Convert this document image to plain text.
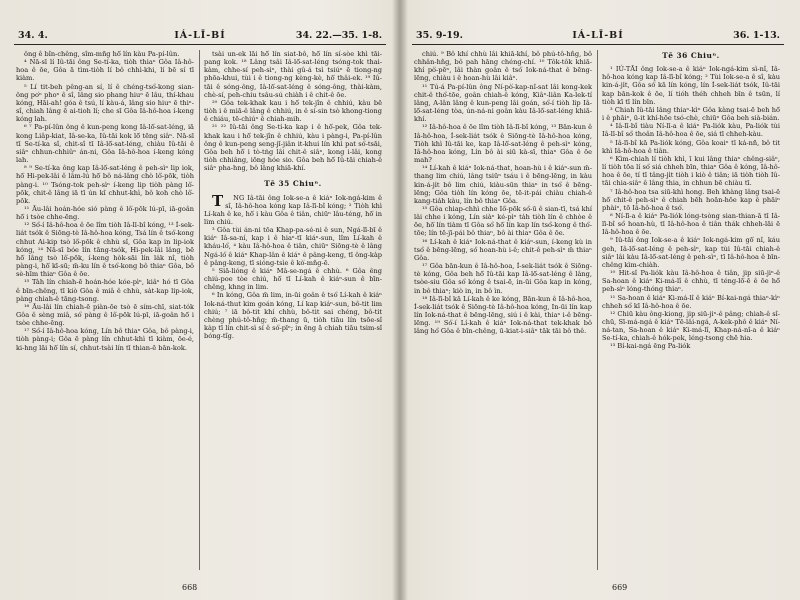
34. 4.	IÁ-LĪ-BÍ	34. 22.—35. 1-8.

ông ê bîn-chêng, sîm-mñg hō͘ lín kàu Pa-pí-lûn.

⁴ Nā-sī lí Iû-tāi ông Se-tí-ka, tiòh thiaⁿ Gôa Iâ-hô-hoa ê ōe, Gôa ā tìm-tiòh lí bô chhì-khi, lí bē sí tī kiàm.

⁵ Lí tit-beh pêng-an sí, lí ê chéng-tsó͘-kong sian-ông po͘ⁿ phoⁿ ê sî, lâng sio phang hiuⁿ ē lâu, thí-khau kóng, Hāi-ah! góa ê tsú, lí kàu-á, lâng sio hiuⁿ ē thiⁿ-sî, chiah lâng ē ai-tioh lí; che sī Gôa Iâ-hô-hoa í-keng kóng lah.

⁶ ⁷ Pa-pí-lûn ông ê kun-peng kong Iâ-lō͘-sat-léng, iā kong Liâp-kiat, Iâ-se-ka, Iû-tāi kok lō͘ tēng siâⁿ. Nā-sī tī Se-tí-ka sî, chit-sî tī Iâ-lō͘-sat-léng, chiàu Iû-tāi ê siâⁿ chhun-chhiûⁿ án-ni, Gôa Iâ-hô-hoa í-keng kóng lah.

⁸ ⁹ Se-tí-ka ông kap Iâ-lō͘-sat-léng ê peh-sìⁿ lip iok, hō͘ Hi-pek-lâi ê lâm-lú hō͘ bô ná-lâng chò lô͘-pōk, tiòh pàng-i. ¹⁰ Tsóng-tok peh-sìⁿ í-keng lip tiòh pàng lô͘-pōk, chit-ê lâng iā tī ún kî chhut-khì, bô koh chò lô͘-pōk.

¹¹ Āu-lâi hoán-hóe sió pàng ê lô͘-pōk lú-pī, iā-goân hō͘ i tsòe chhe-ēng.

¹² Só͘-í Iâ-hô-hoa ê ōe lîm tiòh Iâ-lī-bî kóng, ¹³ Í-sek-liát tsók ê Siōng-tè Iâ-hô-hoa kóng, Tsá lín ê tsó͘-kong chhut Ai-kip tsò lô͘-pōk ê chhù sî, Gôa kap in lip-iok kóng, ¹⁴ Nā-sī bóe lín tāng-tsók, Hi-pek-lâi lâng, bē hō͘ lâng tsò lô͘-pōk, í-keng hòk-sāi lín la̍k nî, tiòh pàng-i, hō͘ kī-sū; m̄-ku lín ê tsó͘-kong bô thiaⁿ Gôa, bô sè-hīm thiaⁿ Gôa ê ōe.

¹⁵ Ta̍h lín chiah-ē hoán-hóe kóe-pìⁿ, kiâⁿ hó tī Gôa ê bīn-chêng, tī kiò Gôa ê miâ ê chhù, sa̍t-kap lip-iok, pàng chiah-ê tāng-tsong.

¹⁶ Āu-lâi lín chiah-ē piàn-ōe tsò ē sím-chī, siat-tók Gôa ê sèng miâ, só͘ pàng ê lô͘-pōk lú-pī, iā-goân hō͘ i tsòe chhe-ēng.

¹⁷ Só͘-í Iâ-hô-hoa kóng, Lín bô thiaⁿ Gôa, bô pàng-i, tiòh pàng-i; Gôa ē pàng lín chhut-khì tī kiàm, ōe-é, ki-hng lāi hō͘ lín sí, chhut-tsài lín tī thian-ē bān-kok.

tsài un-ek lāi hō͘ lín siat-bô, hō͘ lín sí-sòe khì tāi-pang kok. ¹⁸ Lâng tsâi Iâ-lō͘-sat-léng tsóng-tok thai-kàm, chhe-sí peh-sìⁿ, thài gû-á tsì tsiúⁿ ē tiong-ng phōa-khui, tùi i ê tiong-ng kèng-kè, hō͘ thâi-ek. ¹⁹ Iû-tāi ê sóng-ông, Iâ-lō͘-sat-léng ê sóng-ông, thài-kàm, chè-sí, peh-chiu tsâu-sú chiàh i ê chit-ê ōe.

²⁰ Gôa tek-khak kau i hō͘ tek-jîn ê chhiú, kàu bē tiòh i ê miā-ê lâng ê chhiú, in ê sí-sin tsò khong-tiong ê chiáu, tē-chiúⁿ ê chiah-mih.

²¹ ²² Iû-tāi ông Se-tí-ka kap i ê hō͘-pek, Gôa tek-khak kau i hō͘ tek-jîn ê chhiú, kàu i pàng-i, Pa-pí-lûn ông ê kun-peng seng-jī-jiân it-khui lín khì pat só͘-tsāi, Gôa beh hō͘ i tò-tńg lâi chit-ê siâⁿ, kong i-lâi, kong tiòh chhiâng, iōng hóe sio. Gôa beh hō͘ Iû-tāi chiah-ê siâⁿ pha-hng, bô lâng khiā-khí.

Tē 35 Chiuⁿ.

T NG Iâ-tāi ông Iok-se-a ê kiáⁿ Iok-ngá-kim ê sî, Iâ-hô-hoa kóng kap Iâ-lī-bî kóng; ² Tiòh khì Lí-kah ê ke, hō͘ i kàu Gôa ê tiân, chiūⁿ lâu-téng, hō͘ in lim chiú.

³ Gôa tùi án-ni tōa Khap-pa-sé-ni ê sun, Ngá-lī-bī ê kiáⁿ Iâ-sa-ní, kap i ê hiaⁿ-tī kiáⁿ-sun, lîm Lí-kah ê kháu-ló͘, ⁴ kàu Iâ-hô-hoa ê tiân, chiūⁿ Siōng-tè ê lâng Ngá-ló͘ ê kiáⁿ Khap-lân ê kiáⁿ ê pâng-keng, tī ông-ka̍p ê pâng-keng, tī sióng-tsìe ê kò͘-mn̂g-ē.

⁵ Siā-lióng ê kiáⁿ Mâ-se-ngá ê chhù. ⁶ Gôa êng chiú-poe tòe chiú, hō͘ tī Lí-kah ê kiáⁿ-sun ê bīn-chêng, khng in lim.

⁶ In kóng, Gôa m̄ lim, in-ūi goân ê tsó͘ Lí-kah ê kiáⁿ Iok-ná-thut kim goán kóng, Lí kap kiáⁿ-sun, bô-tit lim chiú; ⁷ iā bô-tit khí chhù, bô-tit sai chéng, bô-tit chèng phú-tô-hn̂g; m̄-thang ū, tiòh tiāu lín tsōe-sî ka̍p tī lín chit-sì sí ê só͘-pīⁿ; in ēng ā chiah tiāu tsim-sî bóng-tîg.

668
35. 9-19.	IÁ-LĪ-BÍ	36. 1-13.

chiú. ⁹ Bô khí chhù lâi khiā-khí, bô phú-tô-hn̂g, bô chhân-hn̂g, bô pah hāng chéng-chí. ¹⁰ Tôk-tôk khiā-khí pò͘-pēⁿ, lâi thàn goân ê tsó͘ Iok-ná-that ê bēng-lēng, chiàu i ê hoan-hù lâi kiâⁿ.

¹¹ Tú-á Pa-pí-lûn ông Ní-pò͘-kap-nî-sat lâi kong-kek chit-ê thó͘-tōe, goân chiah-ê kóng, Kiâⁿ-liân Ka-lek-tí lâng, A-lân lâng ê kun-peng lâi goán, só͘-í tiòh lip Iâ-lō͘-sat-léng tòa, ún-ná-ni goân kàu Iâ-lō͘-sat-léng khiā-khí.

¹² Iâ-hô-hoa ê ōe lîm tiòh Iâ-lī-bî kóng, ¹³ Bān-kun ê Iâ-hô-hoa, Í-sek-liát tsók ê Siōng-tè Iâ-hô-hoa kóng, Tiòh khì Iû-tāi ke, kap Iâ-lō͘-sat-léng ê peh-sìⁿ kóng, Iâ-hô-hoa kóng, Lín bô ài siū kà-sī, thiaⁿ Gôa ê ōe mah?

¹⁴ Lí-kah ê kiáⁿ Iok-ná-that, hoan-hù i ê kiáⁿ-sun m̄-thang lim chiú, lâng tsiūⁿ tsáu i ê bēng-lēng, in kàu kin-á-ji̍t bô lim chiú, kiàu-sūn thiaⁿ in tsó͘ ê bēng-lēng; Gôa tio̍h lín kóng ōe, tē-it-pái chiàu chiah-ê kang-tia̍h kàu, lín bô thiaⁿ Gôa.

¹⁵ Gôa chiap-chhì chhe Iô͘-pōk só͘-ū ê sian-tī, tsá khí lâi chhe i kóng, Lín siàⁿ ké-pìⁿ ta̍h tiòh lín ê chhòe ê ōe, hō͘ lín tiàm tī Gôa só͘ hō͘ lín kap lín tsó͘-kong ê thó͘-tōe; lín tē-jī-pái bô thiaⁿ, bô ài thiaⁿ Gôa ê ōe.

¹⁶ Lí-kah ê kiáⁿ Iok-ná-that ê kiáⁿ-sun, í-keng kù in tsó͘ ê bēng-lēng, só͘ hoan-hù i-ê; chit-ê peh-sìⁿ m̄ thiaⁿ Gôa.

¹⁷ Gôa bān-kun ê Iâ-hô-hoa, Í-sek-liát tsók ê Siōng-tè kóng, Gôa beh hō͘ Iû-tāi kap Iâ-lō͘-sat-léng ê lâng, tsòe-siu Gôa só͘ kóng ê tsai-ē, in-ūi Gôa kap in kóng, in bô thiaⁿ; kiò in, in bô ìn.

¹⁸ Iâ-lī-bî kā Lí-kah ê ke kóng, Bān-kun ê Iâ-hô-hoa, Í-sek-liát tsók ê Siōng-tè Iâ-hô-hoa kóng, In-ūi lín kap lín Iok-ná-that ê bēng-lēng, siú i ê kài, thiaⁿ i-ê bēng-lēng. ¹⁹ Só͘-í Lí-kah ê kiáⁿ Iok-ná-that tek-khak bô lâng hó͘ Gôa ê bīn-chêng, ū-kiat-i-siâⁿ tāk tāi bô thê.

Tē 36 Chiuⁿ.

¹ IÚ-TĀI ông Iok-se-a ê kiáⁿ Iok-ngá-kim sì-nî, Iâ-hô-hoa kóng kap Iâ-lī-bî kóng; ² Tùi Iok-se-a ê sî, kàu kin-á-ji̍t, Gôa só͘ kā lín kóng, lín Í-sek-liát tsók, Iû-tāi kap bān-kok ê ōe, lí tióh théh chheh bīn ê tsūn, lí tiòh kī tī lín bīn.

³ Chiah Iû-tāi lâng thiaⁿ-kìⁿ Gôa kàng tsai-ē beh hō͘ i ê phāiⁿ, ū-it khí-hōe tsó-chè, chiūⁿ Gôa beh sià-bián.

⁴ Iâ-lī-bî tiàu Ní-lī-a ê kiáⁿ Pa-liók kàu, Pa-liók tùi Iâ-lī-bî só͘ thoân Iâ-hô-hoa ê ōe, siá tī chheh-kàu.

⁵ Iâ-lī-bî kā Pa-liók kóng, Gôa koaiⁿ tī ka̍-nñ, bô tit khì Iâ-hô-hoa ê tiân.

⁶ Kìm-chiah lí tiòh khì, ī kui lâng thiaⁿ chêng-siâⁿ, lí tiòh tōa lí só͘ siá chheh bīn, thiaⁿ Gôa ê kóng, Iâ-hô-hoa ê ōe, tí tī tâng-ji̍t tiòh i kiò ê tiân; iā tiòh tiòh Iû-tāi chia-siâⁿ ê lâng thia, in chhun bē chiàu tī.

⁷ Iâ-hô-hoa tsa siū-khì hong. Beh khàng lâng tsai-ē hō͘ chit-ê peh-sìⁿ ê chiah bēh hoān-hōe kap ê phāiⁿ phàiⁿ, tō Iâ-hô-hoa ê tsó͘.

⁸ Ní-lī-a ê kiáⁿ Pa-liók lóng-tsòng sian-thian-ā tī Iâ-lī-bî só͘ hoan-hù, tī Iâ-hô-hoa ê tiân thák chheh-lāi ē Iâ-hô-hoa ê ōe.

⁹ Iû-tāi ông Iok-se-a ê kiáⁿ Iok-ngá-kim gō͘ nî, káu geh, Iâ-lō͘-sat-léng ê peh-sìⁿ, kap tùi Iû-tāi chiah-ê siâⁿ lâi kàu Iâ-lō͘-sat-léng ê peh-sìⁿ, tī Iâ-hô-hoa ê bīn-chêng kìm-chiàh.

¹⁰ Hit-sî Pa-liók kàu Iâ-hô-hoa ê tiân, jip siū-jiⁿ-ê Sa-hoan ê kiáⁿ Ki-má-lî ê chhù, tī téng-lō͘-ē ê ōe hō͘ peh-sìⁿ lóng-thóng thiaⁿ.

¹¹ Sa-hoan ê kiáⁿ Ki-má-lî ê kiáⁿ Bí-kai-ngá thiaⁿ-kìⁿ chheh só͘ kī Iâ-hô-hoa ê ōe.

¹² Chiū kàu ông-kiong, jip siū-jiⁿ-ê pâng; chiah-ê sî-chū, Sī-má-ngá ê kiáⁿ Tē-lâi-ngá, A-kek-phô ê kiáⁿ Ní-ná-tan, Sa-hoan ê kiáⁿ Ki-má-lî, Khap-ná-nî-a ê kiáⁿ Se-tí-ka, chiah-ê hók-pek, léng-tsong chē hia.

¹³ Bí-kai-ngá ēng Pa-liók

669
